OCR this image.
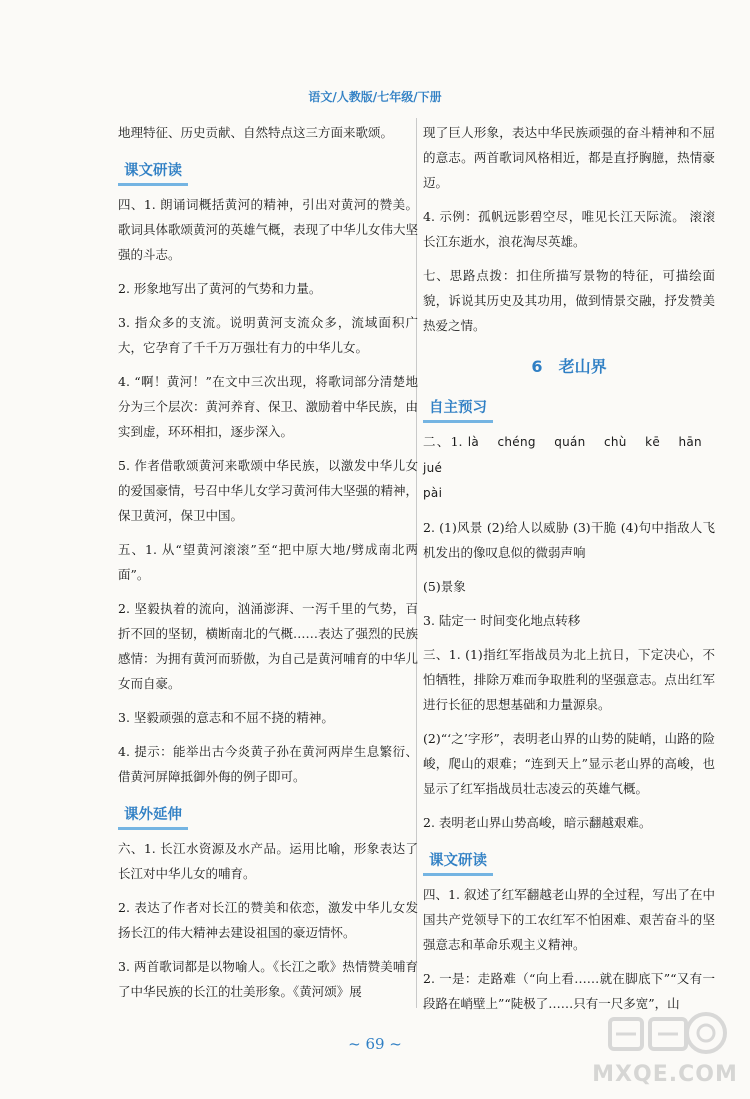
语文/人教版/七年级/下册

地理特征、历史贡献、自然特点这三方面来歌颂。

课文研读

四、1. 朗诵词概括黄河的精神，引出对黄河的赞美。歌词具体歌颂黄河的英雄气概，表现了中华儿女伟大坚强的斗志。

2. 形象地写出了黄河的气势和力量。

3. 指众多的支流。说明黄河支流众多，流域面积广大，它孕育了千千万万强壮有力的中华儿女。

4. “啊！黄河！”在文中三次出现，将歌词部分清楚地分为三个层次：黄河养育、保卫、激励着中华民族，由实到虚，环环相扣，逐步深入。

5. 作者借歌颂黄河来歌颂中华民族，以激发中华儿女的爱国豪情，号召中华儿女学习黄河伟大坚强的精神，保卫黄河，保卫中国。

五、1. 从“望黄河滚滚”至“把中原大地/劈成南北两面”。

2. 坚毅执着的流向，汹涌澎湃、一泻千里的气势，百折不回的坚韧，横断南北的气概……表达了强烈的民族感情：为拥有黄河而骄傲，为自己是黄河哺育的中华儿女而自豪。

3. 坚毅顽强的意志和不屈不挠的精神。

4. 提示：能举出古今炎黄子孙在黄河两岸生息繁衍、借黄河屏障抵御外侮的例子即可。

课外延伸

六、1. 长江水资源及水产品。运用比喻，形象表达了长江对中华儿女的哺育。

2. 表达了作者对长江的赞美和依恋，激发中华儿女发扬长江的伟大精神去建设祖国的豪迈情怀。

3. 两首歌词都是以物喻人。《长江之歌》热情赞美哺育了中华民族的长江的壮美形象。《黄河颂》展

现了巨人形象，表达中华民族顽强的奋斗精神和不屈的意志。两首歌词风格相近，都是直抒胸臆，热情豪迈。

4. 示例：孤帆远影碧空尽，唯见长江天际流。 滚滚长江东逝水，浪花淘尽英雄。

七、思路点拨：扣住所描写景物的特征，可描绘面貌，诉说其历史及其功用，做到情景交融，抒发赞美热爱之情。

6 老山界
自主预习

二、1. là chéng quán chù kē hān jué

pài

2. (1)风景 (2)给人以威胁 (3)干脆 (4)句中指敌人飞机发出的像叹息似的微弱声响

(5)景象

3. 陆定一 时间变化地点转移

三、1. (1)指红军指战员为北上抗日，下定决心，不怕牺牲，排除万难而争取胜利的坚强意志。点出红军进行长征的思想基础和力量源泉。

(2)“‘之’字形”，表明老山界的山势的陡峭，山路的险峻，爬山的艰难；“连到天上”显示老山界的高峻，也显示了红军指战员壮志凌云的英雄气概。

2. 表明老山界山势高峻，暗示翻越艰难。

课文研读

四、1. 叙述了红军翻越老山界的全过程，写出了在中国共产党领导下的工农红军不怕困难、艰苦奋斗的坚强意志和革命乐观主义精神。

2. 一是：走路难（“向上看……就在脚底下”“又有一段路在峭壁上”“陡极了……只有一尺多宽”，山

~ 69 ~
MXQE.COM
